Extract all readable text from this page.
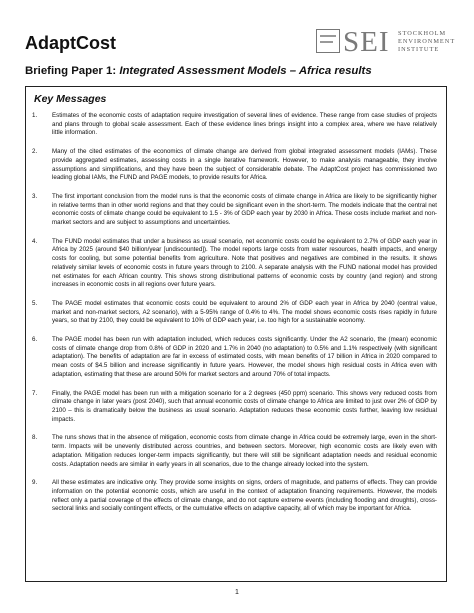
AdaptCost	SEI STOCKHOLM
ENVIRONMENT
INSTITUTE
Briefing Paper 1: Integrated Assessment Models – Africa results
Key Messages
1. Estimates of the economic costs of adaptation require investigation of several lines of evidence. These range from case studies of projects and plans through to global scale assessment. Each of these evidence lines brings insight into a complex area, where we have relatively little information.

2. Many of the cited estimates of the economics of climate change are derived from global integrated assessment models (IAMs). These provide aggregated estimates, assessing costs in a single iterative framework. However, to make analysis manageable, they involve assumptions and simplifications, and they have been the subject of considerable debate. The AdaptCost project has commissioned two leading global IAMs, the FUND and PAGE models, to provide results for Africa.

3. The first important conclusion from the model runs is that the economic costs of climate change in Africa are likely to be significantly higher in relative terms than in other world regions and that they could be significant even in the short-term. The models indicate that the central net economic costs of climate change could be equivalent to 1.5 - 3% of GDP each year by 2030 in Africa. These costs include market and non-market sectors and are subject to assumptions and uncertainties.

4. The FUND model estimates that under a business as usual scenario, net economic costs could be equivalent to 2.7% of GDP each year in Africa by 2025 (around $40 billion/year [undiscounted]). The model reports large costs from water resources, health impacts, and energy costs for cooling, but some potential benefits from agriculture. Note that positives and negatives are combined in the results. It shows relatively similar levels of economic costs in future years through to 2100. A separate analysis with the FUND national model has provided net estimates for each African country. This shows strong distributional patterns of economic costs by country (and region) and strong increases in economic costs in all regions over future years.

5. The PAGE model estimates that economic costs could be equivalent to around 2% of GDP each year in Africa by 2040 (central value, market and non-market sectors, A2 scenario), with a 5-95% range of 0.4% to 4%. The model shows economic costs rises rapidly in future years, so that by 2100, they could be equivalent to 10% of GDP each year, i.e. too high for a sustainable economy.

6. The PAGE model has been run with adaptation included, which reduces costs significantly. Under the A2 scenario, the (mean) economic costs of climate change drop from 0.8% of GDP in 2020 and 1.7% in 2040 (no adaptation) to 0.5% and 1.1% respectively (with significant adaptation). The benefits of adaptation are far in excess of estimated costs, with mean benefits of 17 billion in Africa in 2020 compared to mean costs of $4.5 billion and increase significantly in future years. However, the model shows high residual costs in Africa even with adaptation, estimating that these are around 50% for market sectors and around 70% of total impacts.

7. Finally, the PAGE model has been run with a mitigation scenario for a 2 degrees (450 ppm) scenario. This shows very reduced costs from climate change in later years (post 2040), such that annual economic costs of climate change to Africa are limited to just over 2% of GDP by 2100 – this is dramatically below the business as usual scenario. Adaptation reduces these economic costs further, leaving low residual impacts.

8. The runs shows that in the absence of mitigation, economic costs from climate change in Africa could be extremely large, even in the short-term. Impacts will be unevenly distributed across countries, and between sectors. Moreover, high economic costs are likely even with adaptation. Mitigation reduces longer-term impacts significantly, but there will still be significant adaptation needs and residual economic costs. Adaptation needs are similar in early years in all scenarios, due to the change already locked into the system.

9. All these estimates are indicative only. They provide some insights on signs, orders of magnitude, and patterns of effects. They can provide information on the potential economic costs, which are useful in the context of adaptation financing requirements. However, the models reflect only a partial coverage of the effects of climate change, and do not capture extreme events (including flooding and droughts), cross-sectoral links and socially contingent effects, or the cumulative effects on adaptive capacity, all of which may be important for Africa.

1
